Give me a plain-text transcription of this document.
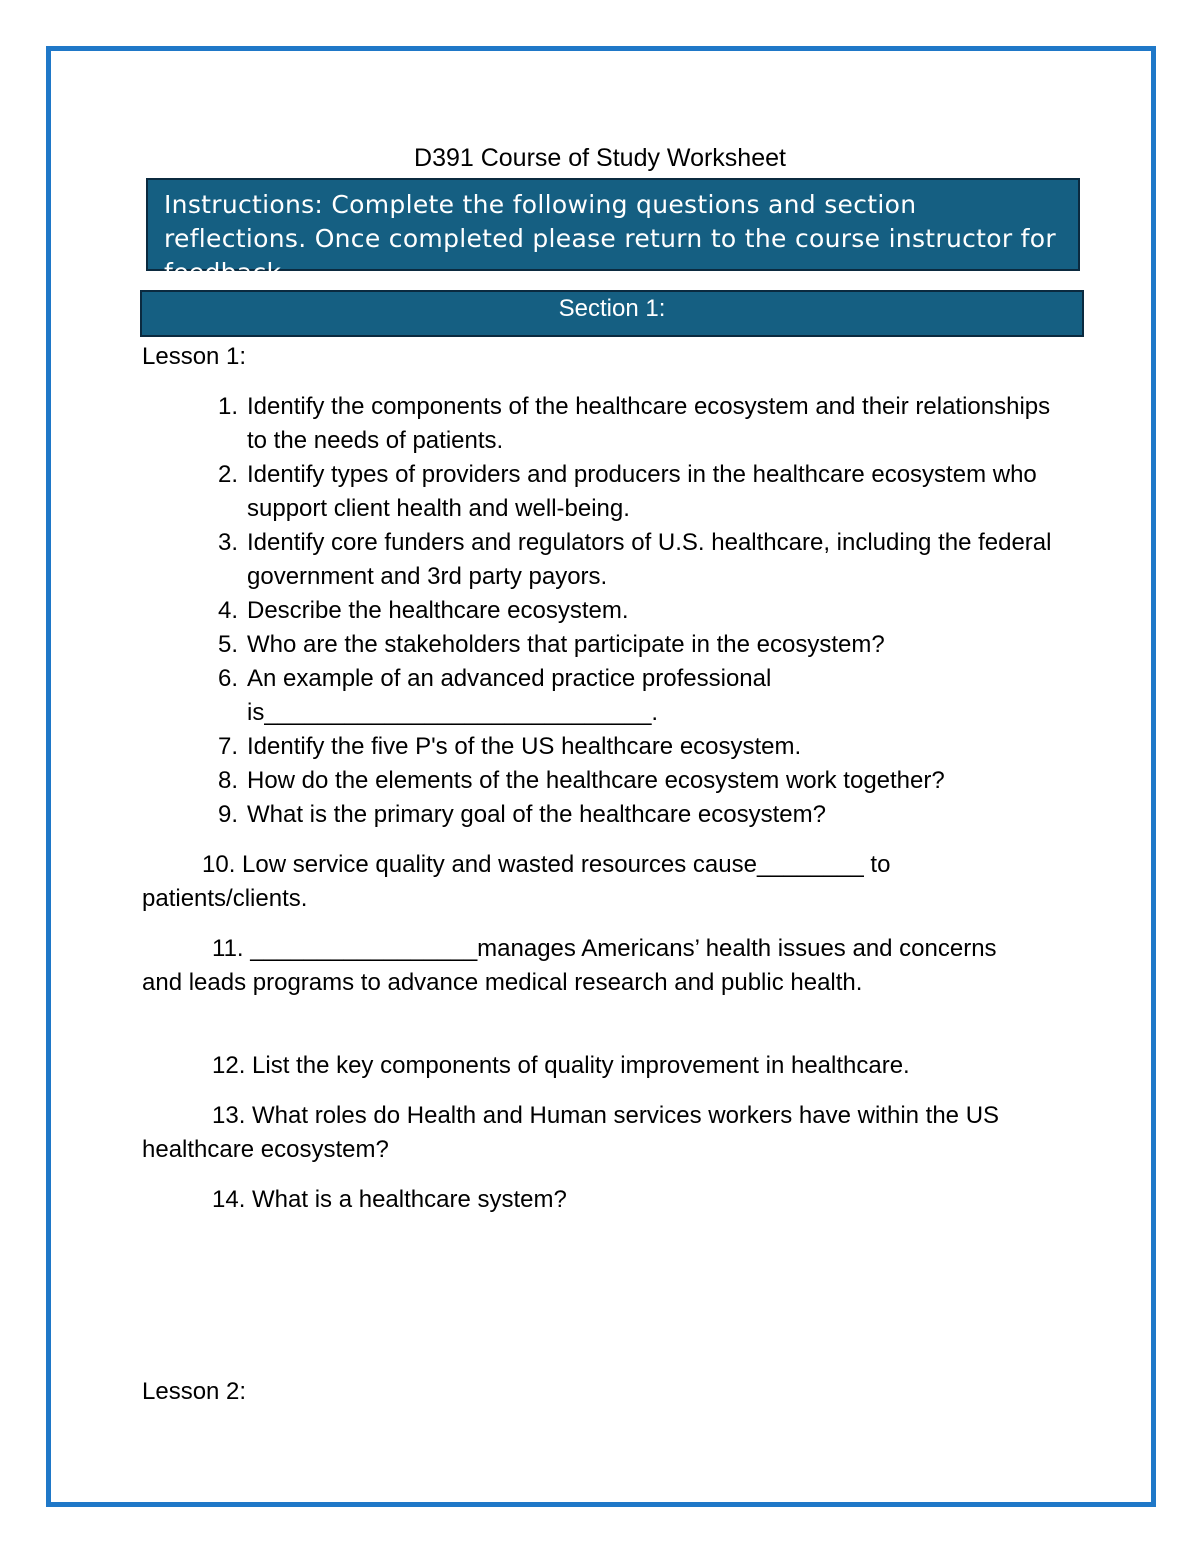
D391 Course of Study Worksheet
Instructions: Complete the following questions and section reflections. Once completed please return to the course instructor for feedback.
Section 1:
Lesson 1:
1. Identify the components of the healthcare ecosystem and their relationships to the needs of patients.
2. Identify types of providers and producers in the healthcare ecosystem who support client health and well-being.
3. Identify core funders and regulators of U.S. healthcare, including the federal government and 3rd party payors.
4. Describe the healthcare ecosystem.
5. Who are the stakeholders that participate in the ecosystem?
6. An example of an advanced practice professional is_____________________________.
7. Identify the five P's of the US healthcare ecosystem.
8. How do the elements of the healthcare ecosystem work together?
9. What is the primary goal of the healthcare ecosystem?
10. Low service quality and wasted resources cause________ to patients/clients.
11. _________________manages Americans’ health issues and concerns and leads programs to advance medical research and public health.
12. List the key components of quality improvement in healthcare.
13. What roles do Health and Human services workers have within the US healthcare ecosystem?
14. What is a healthcare system?
Lesson 2:
